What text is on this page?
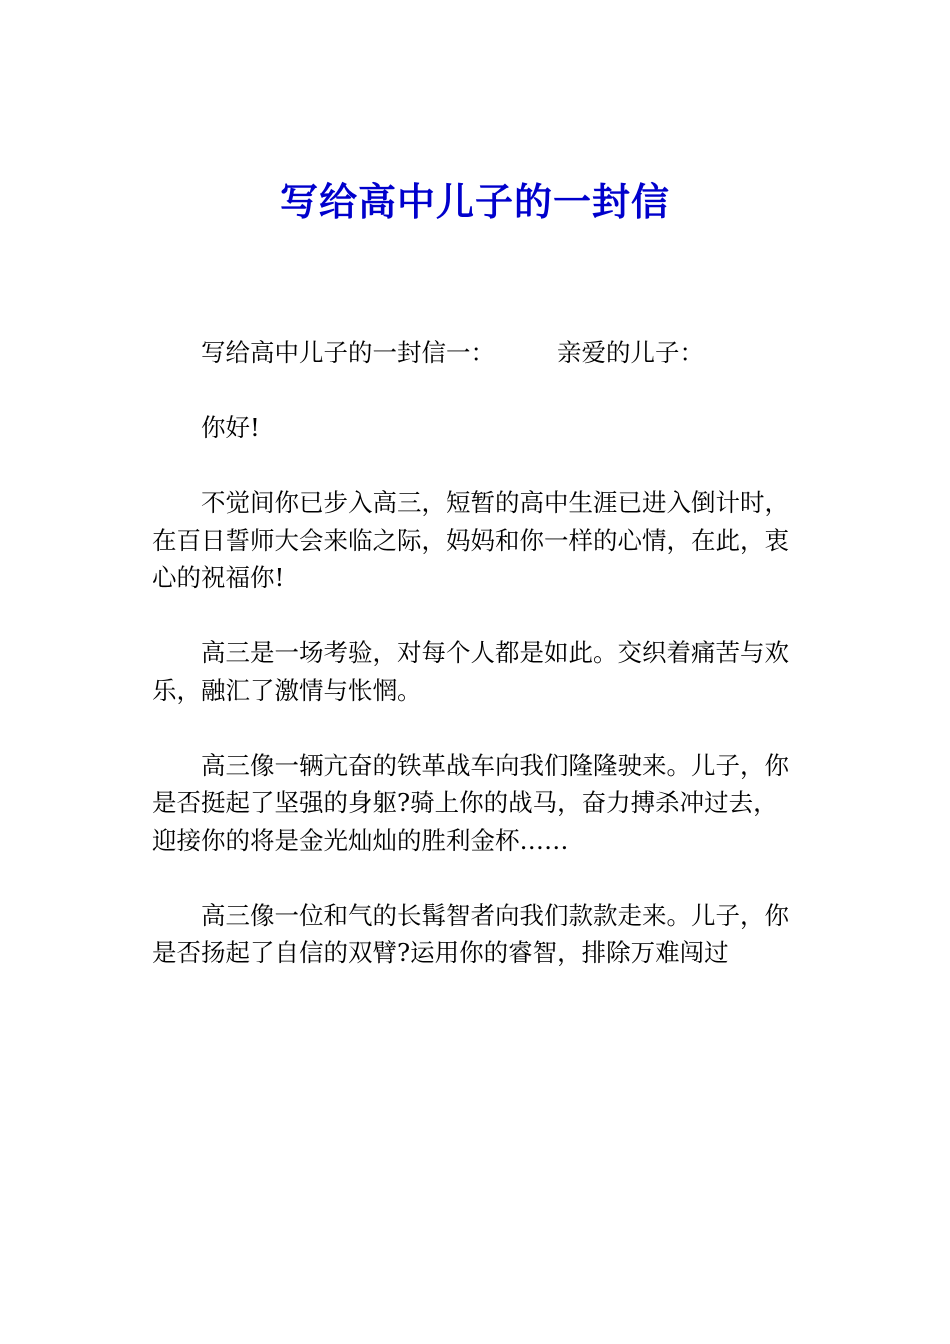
写给高中儿子的一封信

写给高中儿子的一封信一：	亲爱的儿子：

你好!

不觉间你已步入高三，短暂的高中生涯已进入倒计时，在百日誓师大会来临之际，妈妈和你一样的心情，在此，衷心的祝福你!

高三是一场考验，对每个人都是如此。交织着痛苦与欢乐，融汇了激情与怅惘。

高三像一辆亢奋的铁革战车向我们隆隆驶来。儿子，你是否挺起了坚强的身躯?骑上你的战马，奋力搏杀冲过去，迎接你的将是金光灿灿的胜利金杯……

高三像一位和气的长髯智者向我们款款走来。儿子，你是否扬起了自信的双臂?运用你的睿智，排除万难闯过
